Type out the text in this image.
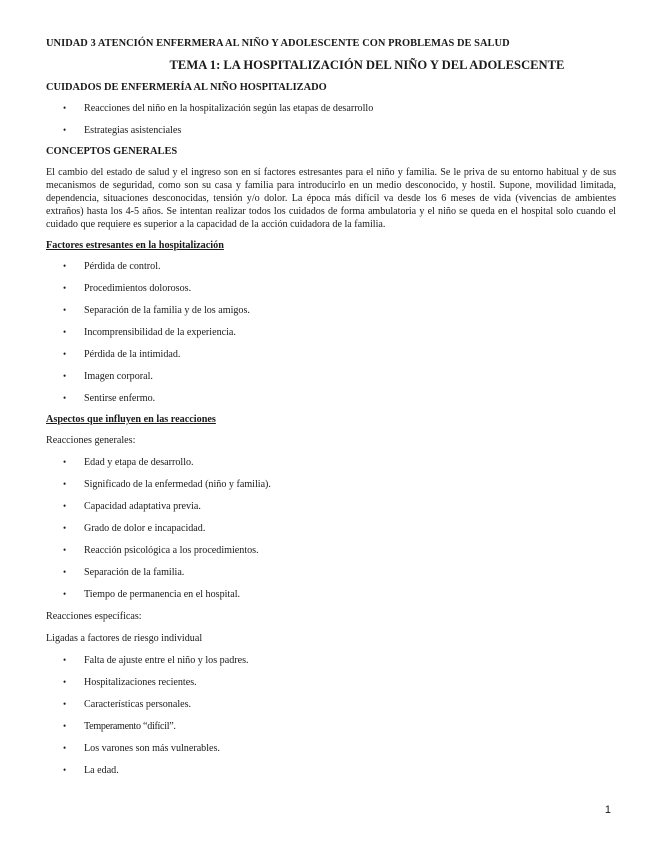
UNIDAD 3 ATENCIÓN ENFERMERA AL NIÑO Y ADOLESCENTE CON PROBLEMAS DE SALUD
TEMA 1: LA HOSPITALIZACIÓN DEL NIÑO Y DEL ADOLESCENTE
CUIDADOS DE ENFERMERÍA AL NIÑO HOSPITALIZADO
• Reacciones del niño en la hospitalización según las etapas de desarrollo
• Estrategias asistenciales
CONCEPTOS GENERALES

El cambio del estado de salud y el ingreso son en sí factores estresantes para el niño y familia. Se le priva de su entorno habitual y de sus mecanismos de seguridad, como son su casa y familia para introducirlo en un medio desconocido, y hostil. Supone, movilidad limitada, dependencia, situaciones desconocidas, tensión y/o dolor. La época más difícil va desde los 6 meses de vida (vivencias de ambientes extraños) hasta los 4-5 años. Se intentan realizar todos los cuidados de forma ambulatoria y el niño se queda en el hospital solo cuando el cuidado que requiere es superior a la capacidad de la acción cuidadora de la familia.

Factores estresantes en la hospitalización
• Pérdida de control.
• Procedimientos dolorosos.
• Separación de la familia y de los amigos.
• Incomprensibilidad de la experiencia.
• Pérdida de la intimidad.
• Imagen corporal.
• Sentirse enfermo.
Aspectos que influyen en las reacciones
Reacciones generales:
• Edad y etapa de desarrollo.
• Significado de la enfermedad (niño y familia).
• Capacidad adaptativa previa.
• Grado de dolor e incapacidad.
• Reacción psicológica a los procedimientos.
• Separación de la familia.
• Tiempo de permanencia en el hospital.
Reacciones específicas:
Ligadas a factores de riesgo individual
• Falta de ajuste entre el niño y los padres.
• Hospitalizaciones recientes.
• Características personales.
• Temperamento “difícil”.
• Los varones son más vulnerables.
• La edad.
1
